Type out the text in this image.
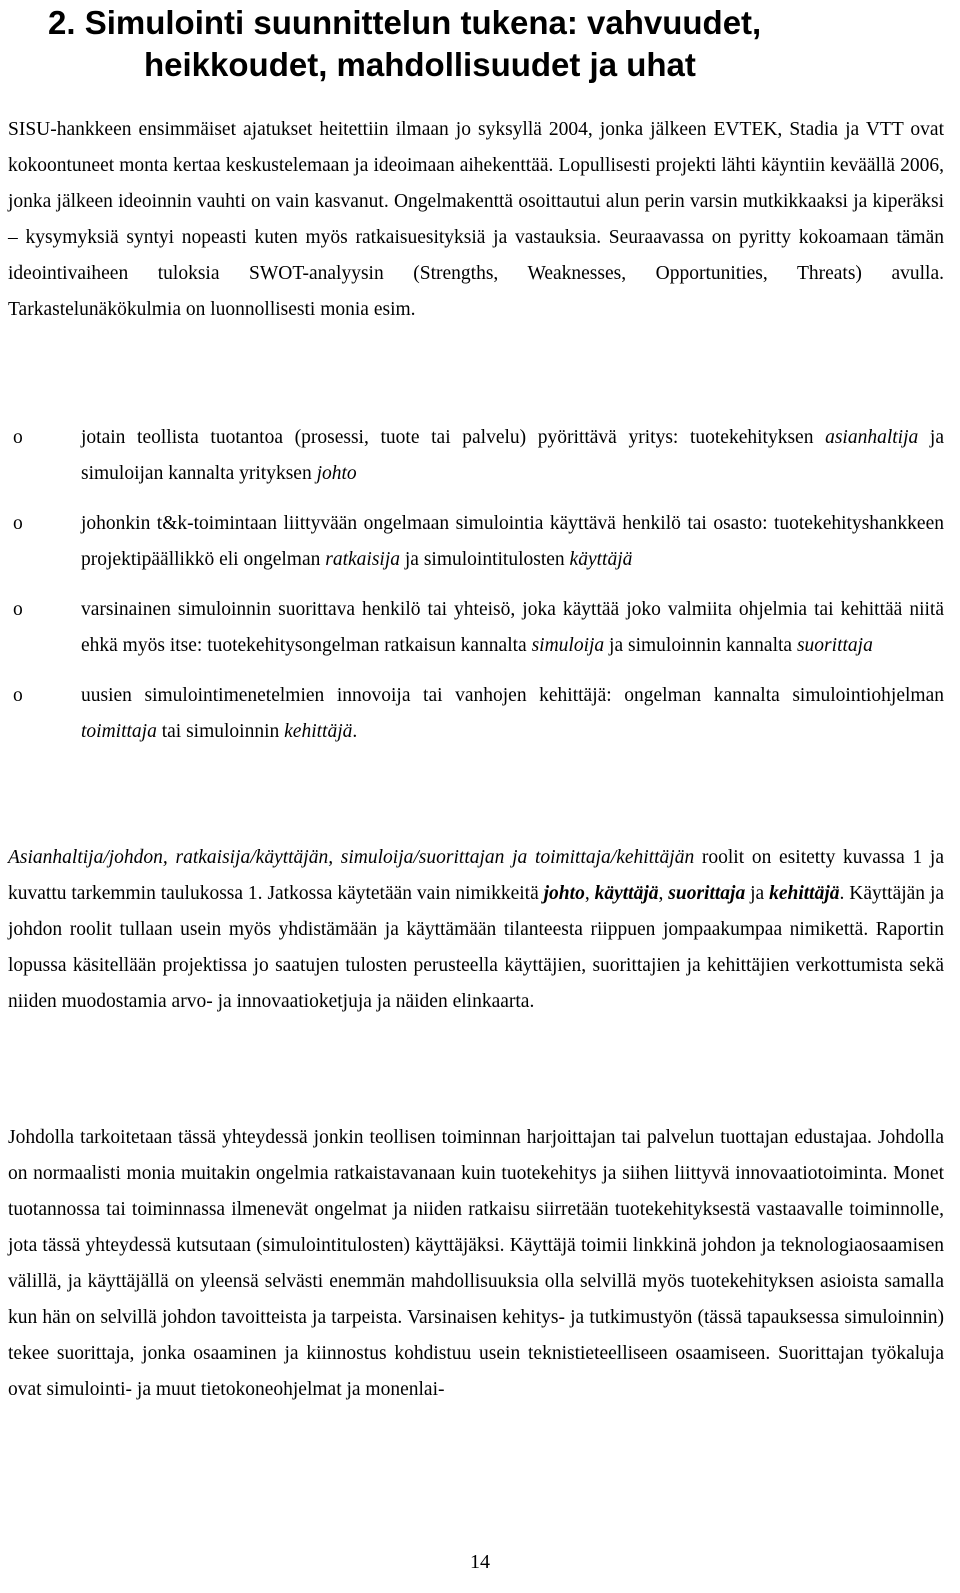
2. Simulointi suunnittelun tukena: vahvuudet,
heikkoudet, mahdollisuudet ja uhat
SISU-hankkeen ensimmäiset ajatukset heitettiin ilmaan jo syksyllä 2004, jonka jälkeen EVTEK, Stadia ja VTT ovat kokoontuneet monta kertaa keskustelemaan ja ideoimaan aihekenttää. Lopullisesti projekti lähti käyntiin keväällä 2006, jonka jälkeen ideoinnin vauhti on vain kasvanut. Ongelmakenttä osoittautui alun perin varsin mutkikkaaksi ja kiperäksi – kysymyksiä syntyi nopeasti kuten myös ratkaisuesityksiä ja vastauksia. Seuraavassa on pyritty kokoamaan tämän ideointivaiheen tuloksia SWOT-analyysin (Strengths, Weaknesses, Opportunities, Threats) avulla. Tarkastelunäkökulmia on luonnollisesti monia esim.
o	jotain teollista tuotantoa (prosessi, tuote tai palvelu) pyörittävä yritys: tuotekehityksen asianhaltija ja simuloijan kannalta yrityksen johto
o	johonkin t&k-toimintaan liittyvään ongelmaan simulointia käyttävä henkilö tai osasto: tuotekehityshankkeen projektipäällikkö eli ongelman ratkaisija ja simulointitulosten käyttäjä
o	varsinainen simuloinnin suorittava henkilö tai yhteisö, joka käyttää joko valmiita ohjelmia tai kehittää niitä ehkä myös itse: tuotekehitysongelman ratkaisun kannalta simuloija ja simuloinnin kannalta suorittaja
o	uusien simulointimenetelmien innovoija tai vanhojen kehittäjä: ongelman kannalta simulointiohjelman toimittaja tai simuloinnin kehittäjä.
Asianhaltija/johdon, ratkaisija/käyttäjän, simuloija/suorittajan ja toimittaja/kehittäjän roolit on esitetty kuvassa 1 ja kuvattu tarkemmin taulukossa 1. Jatkossa käytetään vain nimikkeitä johto, käyttäjä, suorittaja ja kehittäjä. Käyttäjän ja johdon roolit tullaan usein myös yhdistämään ja käyttämään tilanteesta riippuen jompaakumpaa nimikettä. Raportin lopussa käsitellään projektissa jo saatujen tulosten perusteella käyttäjien, suorittajien ja kehittäjien verkottumista sekä niiden muodostamia arvo- ja innovaatioketjuja ja näiden elinkaarta.
Johdolla tarkoitetaan tässä yhteydessä jonkin teollisen toiminnan harjoittajan tai palvelun tuottajan edustajaa. Johdolla on normaalisti monia muitakin ongelmia ratkaistavanaan kuin tuotekehitys ja siihen liittyvä innovaatiotoiminta. Monet tuotannossa tai toiminnassa ilmenevät ongelmat ja niiden ratkaisu siirretään tuotekehityksestä vastaavalle toiminnolle, jota tässä yhteydessä kutsutaan (simulointitulosten) käyttäjäksi. Käyttäjä toimii linkkinä johdon ja teknologiaosaamisen välillä, ja käyttäjällä on yleensä selvästi enemmän mahdollisuuksia olla selvillä myös tuotekehityksen asioista samalla kun hän on selvillä johdon tavoitteista ja tarpeista. Varsinaisen kehitys- ja tutkimustyön (tässä tapauksessa simuloinnin) tekee suorittaja, jonka osaaminen ja kiinnostus kohdistuu usein teknistieteelliseen osaamiseen. Suorittajan työkaluja ovat simulointi- ja muut tietokoneohjelmat ja monenlai-
14
